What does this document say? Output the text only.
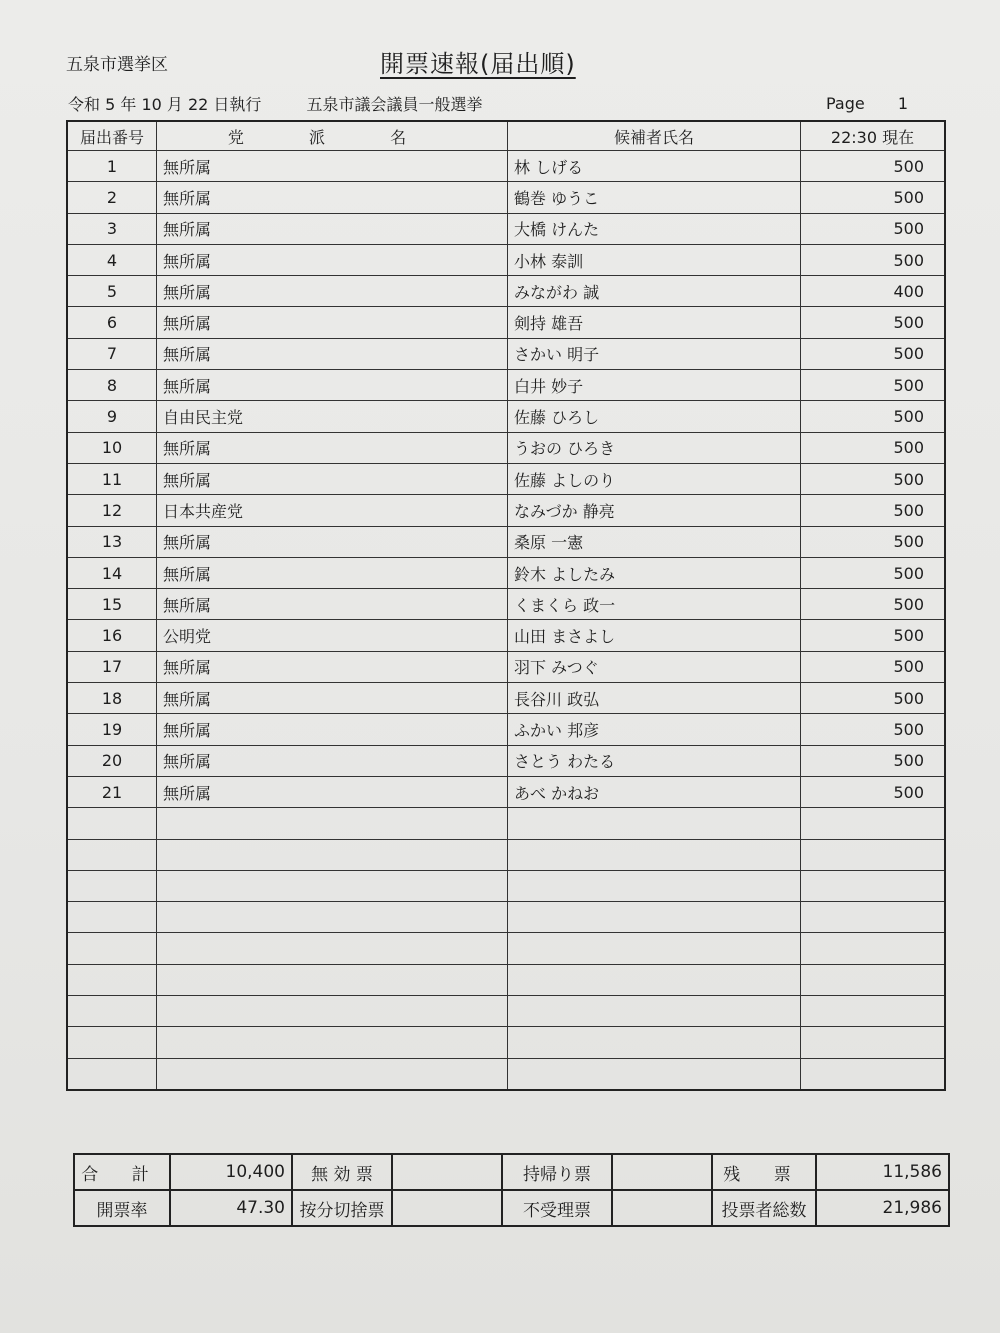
五泉市選挙区	開票速報(届出順)
令和 5 年 10 月 22 日執行	五泉市議会議員一般選挙	Page 1
届出番号	党 派 名	候補者氏名	22:30 現在
1	無所属	林 しげる	500
2	無所属	鶴巻 ゆうこ	500
3	無所属	大橋 けんた	500
4	無所属	小林 泰訓	500
5	無所属	みながわ 誠	400
6	無所属	剣持 雄吾	500
7	無所属	さかい 明子	500
8	無所属	白井 妙子	500
9	自由民主党	佐藤 ひろし	500
10	無所属	うおの ひろき	500
11	無所属	佐藤 よしのり	500
12	日本共産党	なみづか 静亮	500
13	無所属	桑原 一憲	500
14	無所属	鈴木 よしたみ	500
15	無所属	くまくら 政一	500
16	公明党	山田 まさよし	500
17	無所属	羽下 みつぐ	500
18	無所属	長谷川 政弘	500
19	無所属	ふかい 邦彦	500
20	無所属	さとう わたる	500
21	無所属	あべ かねお	500

合 計	10,400	無 効 票		持帰り票		残 票	11,586
開票率	47.30	按分切捨票		不受理票		投票者総数	21,986
